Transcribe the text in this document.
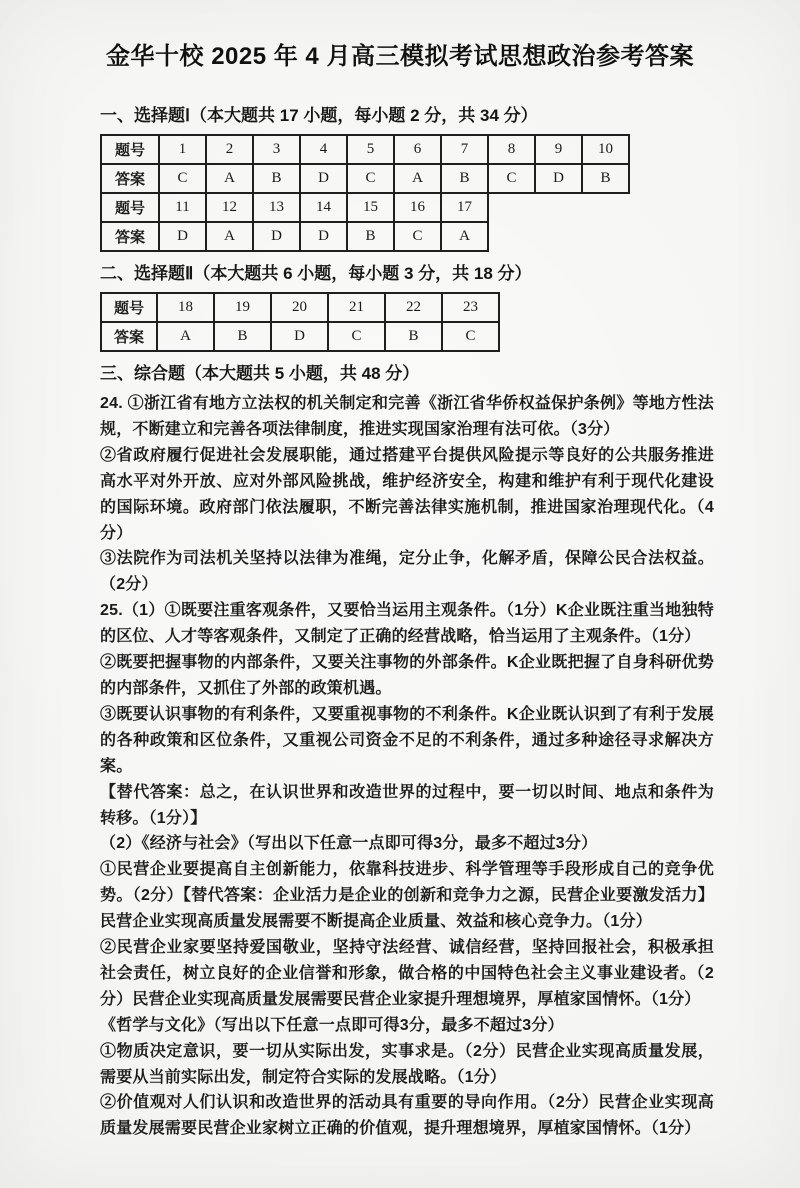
金华十校 2025 年 4 月高三模拟考试思想政治参考答案
一、选择题Ⅰ（本大题共 17 小题，每小题 2 分，共 34 分）
题号	1	2	3	4	5	6	7	8	9	10
答案	C	A	B	D	C	A	B	C	D	B
题号	11	12	13	14	15	16	17			
答案	D	A	D	D	B	C	A			
二、选择题Ⅱ（本大题共 6 小题，每小题 3 分，共 18 分）
题号	18	19	20	21	22	23
答案	A	B	D	C	B	C
三、综合题（本大题共 5 小题，共 48 分）

24. ①浙江省有地方立法权的机关制定和完善《浙江省华侨权益保护条例》等地方性法规，不断建立和完善各项法律制度，推进实现国家治理有法可依。（3分）

②省政府履行促进社会发展职能，通过搭建平台提供风险提示等良好的公共服务推进高水平对外开放、应对外部风险挑战，维护经济安全，构建和维护有利于现代化建设的国际环境。政府部门依法履职，不断完善法律实施机制，推进国家治理现代化。（4分）

③法院作为司法机关坚持以法律为准绳，定分止争，化解矛盾，保障公民合法权益。（2分）

25.（1）①既要注重客观条件，又要恰当运用主观条件。（1分）K企业既注重当地独特的区位、人才等客观条件，又制定了正确的经营战略，恰当运用了主观条件。（1分）

②既要把握事物的内部条件，又要关注事物的外部条件。K企业既把握了自身科研优势的内部条件，又抓住了外部的政策机遇。

③既要认识事物的有利条件，又要重视事物的不利条件。K企业既认识到了有利于发展的各种政策和区位条件，又重视公司资金不足的不利条件，通过多种途径寻求解决方案。

【替代答案：总之，在认识世界和改造世界的过程中，要一切以时间、地点和条件为转移。（1分）】

（2）《经济与社会》（写出以下任意一点即可得3分，最多不超过3分）

①民营企业要提高自主创新能力，依靠科技进步、科学管理等手段形成自己的竞争优势。（2分）【替代答案：企业活力是企业的创新和竞争力之源，民营企业要激发活力】民营企业实现高质量发展需要不断提高企业质量、效益和核心竞争力。（1分）

②民营企业家要坚持爱国敬业，坚持守法经营、诚信经营，坚持回报社会，积极承担社会责任，树立良好的企业信誉和形象，做合格的中国特色社会主义事业建设者。（2分）民营企业实现高质量发展需要民营企业家提升理想境界，厚植家国情怀。（1分）

《哲学与文化》（写出以下任意一点即可得3分，最多不超过3分）

①物质决定意识，要一切从实际出发，实事求是。（2分）民营企业实现高质量发展，需要从当前实际出发，制定符合实际的发展战略。（1分）

②价值观对人们认识和改造世界的活动具有重要的导向作用。（2分）民营企业实现高质量发展需要民营企业家树立正确的价值观，提升理想境界，厚植家国情怀。（1分）
